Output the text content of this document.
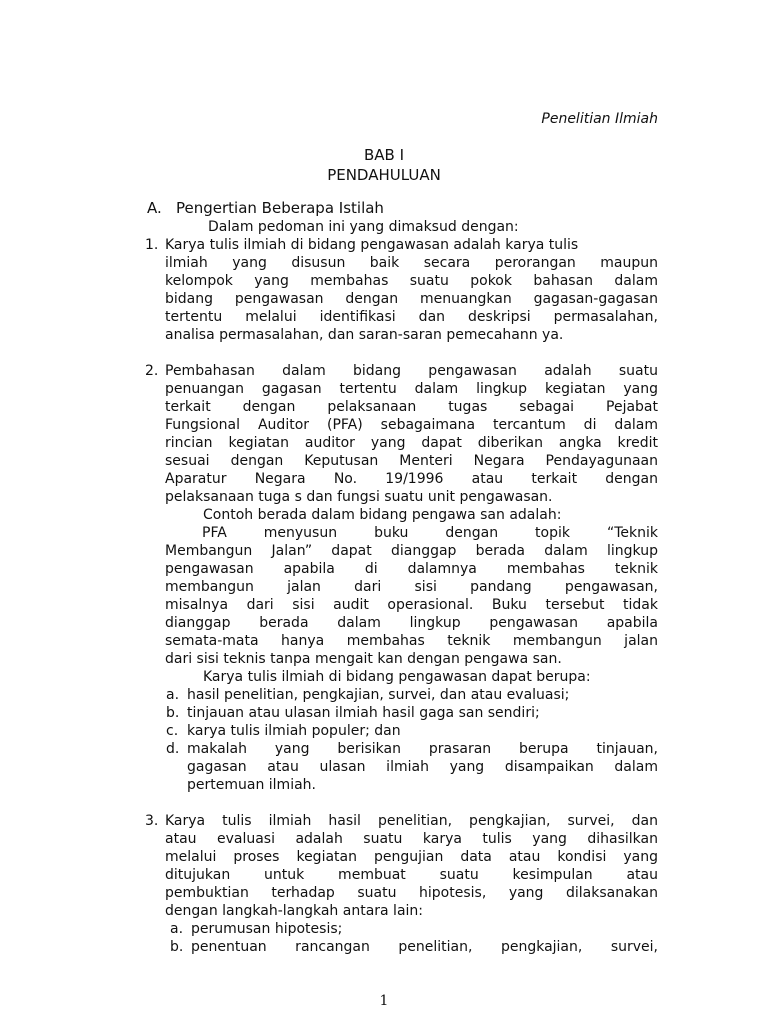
Penelitian Ilmiah
BAB I
PENDAHULUAN
A. Pengertian Beberapa Istilah
Dalam pedoman ini yang dimaksud dengan:
1. Karya tulis ilmiah di bidang pengawasan adalah karya tulis
ilmiah yang disusun baik secara perorangan maupun
kelompok yang membahas suatu pokok bahasan dalam
bidang pengawasan dengan menuangkan gagasan-gagasan
tertentu melalui identifikasi dan deskripsi permasalahan,
analisa permasalahan, dan saran-saran pemecahann ya.
2. Pembahasan dalam bidang pengawasan adalah suatu
penuangan gagasan tertentu dalam lingkup kegiatan yang
terkait dengan pelaksanaan tugas sebagai Pejabat
Fungsional Auditor (PFA) sebagaimana tercantum di dalam
rincian kegiatan auditor yang dapat diberikan angka kredit
sesuai dengan Keputusan Menteri Negara Pendayagunaan
Aparatur Negara No. 19/1996 atau terkait dengan
pelaksanaan tuga s dan fungsi suatu unit pengawasan.
Contoh berada dalam bidang pengawa san adalah:
PFA menyusun buku dengan topik “Teknik
Membangun Jalan” dapat dianggap berada dalam lingkup
pengawasan apabila di dalamnya membahas teknik
membangun jalan dari sisi pandang pengawasan,
misalnya dari sisi audit operasional. Buku tersebut tidak
dianggap berada dalam lingkup pengawasan apabila
semata-mata hanya membahas teknik membangun jalan
dari sisi teknis tanpa mengait kan dengan pengawa san.
Karya tulis ilmiah di bidang pengawasan dapat berupa:
a. hasil penelitian, pengkajian, survei, dan atau evaluasi;
b. tinjauan atau ulasan ilmiah hasil gaga san sendiri;
c. karya tulis ilmiah populer; dan
d. makalah yang berisikan prasaran berupa tinjauan,
gagasan atau ulasan ilmiah yang disampaikan dalam
pertemuan ilmiah.
3. Karya tulis ilmiah hasil penelitian, pengkajian, survei, dan
atau evaluasi adalah suatu karya tulis yang dihasilkan
melalui proses kegiatan pengujian data atau kondisi yang
ditujukan untuk membuat suatu kesimpulan atau
pembuktian terhadap suatu hipotesis, yang dilaksanakan
dengan langkah-langkah antara lain:
a. perumusan hipotesis;
b. penentuan rancangan penelitian, pengkajian, survei,
1
